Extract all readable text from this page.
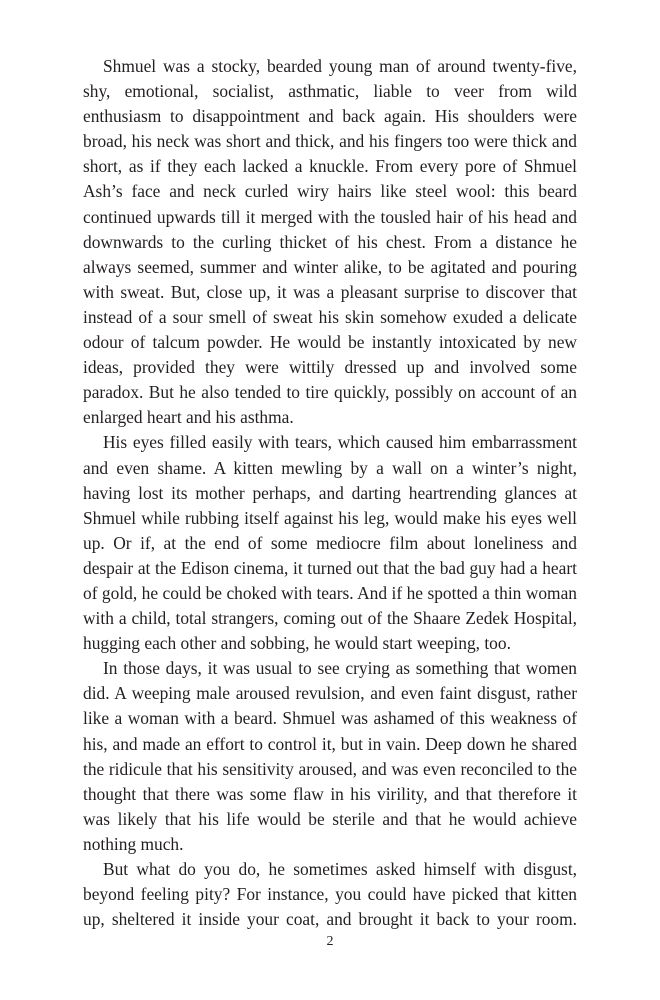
Shmuel was a stocky, bearded young man of around twenty-five, shy, emotional, socialist, asthmatic, liable to veer from wild enthusiasm to disappointment and back again. His shoulders were broad, his neck was short and thick, and his fingers too were thick and short, as if they each lacked a knuckle. From every pore of Shmuel Ash’s face and neck curled wiry hairs like steel wool: this beard continued upwards till it merged with the tousled hair of his head and downwards to the curling thicket of his chest. From a distance he always seemed, summer and winter alike, to be agitated and pouring with sweat. But, close up, it was a pleasant surprise to discover that instead of a sour smell of sweat his skin somehow exuded a delicate odour of talcum powder. He would be instantly intoxicated by new ideas, provided they were wittily dressed up and involved some paradox. But he also tended to tire quickly, possibly on account of an enlarged heart and his asthma.

His eyes filled easily with tears, which caused him embarrassment and even shame. A kitten mewling by a wall on a winter’s night, having lost its mother perhaps, and darting heartrending glances at Shmuel while rubbing itself against his leg, would make his eyes well up. Or if, at the end of some mediocre film about loneliness and despair at the Edison cinema, it turned out that the bad guy had a heart of gold, he could be choked with tears. And if he spotted a thin woman with a child, total strangers, coming out of the Shaare Zedek Hospital, hugging each other and sobbing, he would start weeping, too.

In those days, it was usual to see crying as something that women did. A weeping male aroused revulsion, and even faint disgust, rather like a woman with a beard. Shmuel was ashamed of this weakness of his, and made an effort to control it, but in vain. Deep down he shared the ridicule that his sensitivity aroused, and was even reconciled to the thought that there was some flaw in his virility, and that therefore it was likely that his life would be sterile and that he would achieve nothing much.

But what do you do, he sometimes asked himself with disgust, beyond feeling pity? For instance, you could have picked that kitten up, sheltered it inside your coat, and brought it back to your room.

2
